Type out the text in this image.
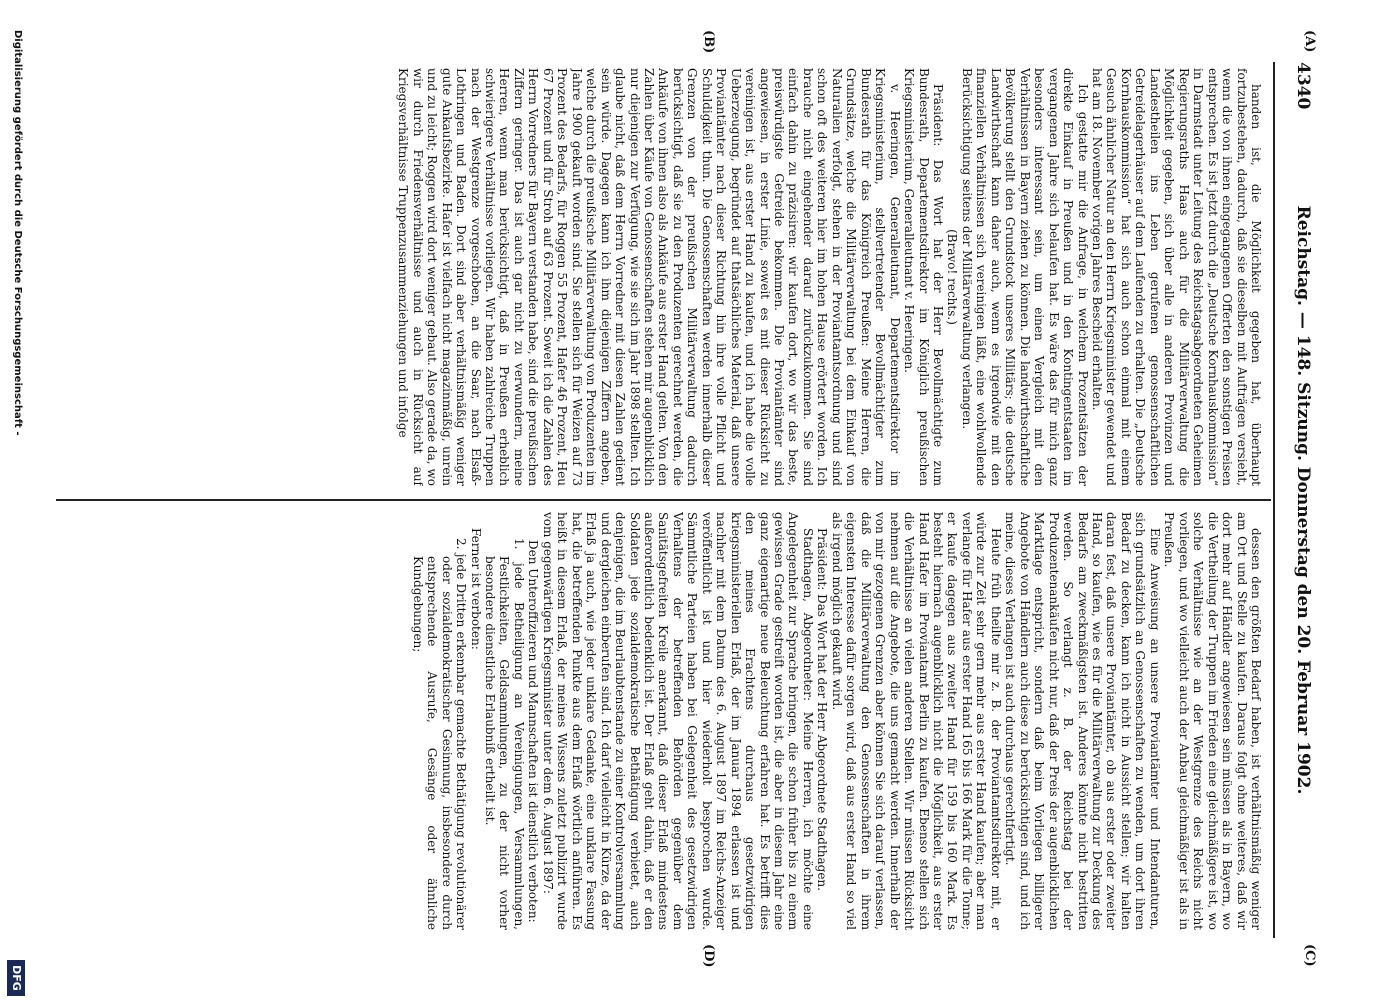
4340
Reichstag. — 148. Sitzung. Donnerstag den 20. Februar 1902.
(A)
(B)
(C)
(D)

handen ist, die Möglichkeit gegeben hat, überhaupt fortzubestehen, dadurch, daß sie dieselben mit Aufträgen versieht, wenn die von ihnen eingegangenen Offerten den sonstigen Preisen entsprechen. Es ist jetzt durch die „Deutsche Kornhauskommission“ in Darmstadt unter Leitung des Reichstagsabgeordneten Geheimen Regierungsraths Haas auch für die Militärverwaltung die Möglichkeit gegeben, sich über alle in anderen Provinzen und Landestheilen ins Leben gerufenen genossenschaftlichen Getreidelagerhäuser auf dem Laufenden zu erhalten. Die „Deutsche Kornhauskommission“ hat sich auch schon einmal mit einem Gesuch ähnlicher Natur an den Herrn Kriegsminister gewendet und hat am 18. November vorigen Jahres Bescheid erhalten.

Ich gestatte mir die Anfrage, in welchem Prozentsätzen der direkte Einkauf in Preußen und in den Kontingentstaaten im vergangenen Jahre sich belaufen hat. Es wäre das für mich ganz besonders interessant sein, um einen Vergleich mit den Verhältnissen in Bayern ziehen zu können. Die landwirthschaftliche Bevölkerung stellt den Grundstock unseres Militärs; die deutsche Landwirthschaft kann daher auch, wenn es irgendwie mit den finanziellen Verhältnissen sich vereinigen läßt, eine wohlwollende Berücksichtigung seitens der Militärverwaltung verlangen.

(Bravo! rechts.)

Präsident: Das Wort hat der Herr Bevollmächtigte zum Bundesrath, Departementsdirektor im Königlich preußischen Kriegsministerium, Generalleutnant v. Heeringen.

v. Heeringen, Generalleutnant, Departementsdirektor im Kriegsministerium, stellvertretender Bevollmächtigter zum Bundesrath für das Königreich Preußen: Meine Herren, die Grundsätze, welche die Militärverwaltung bei dem Einkauf von Naturalien verfolgt, stehen in der Proviantamtsordnung und sind schon oft des weiteren hier im hohen Hause erörtert worden. Ich brauche nicht eingehender darauf zurückzukommen. Sie sind einfach dahin zu präzisiren: wir kaufen dort, wo wir das beste, preiswürdigste Getreide bekommen. Die Proviantämter sind angewiesen, in erster Linie, soweit es mit dieser Rücksicht zu vereinigen ist, aus erster Hand zu kaufen, und ich habe die volle Ueberzeugung, begründet auf thatsächliches Material, daß unsere Proviantämter nach dieser Richtung hin ihre volle Pflicht und Schuldigkeit thun. Die Genossenschaften werden innerhalb dieser Grenzen von der preußischen Militärverwaltung dadurch berücksichtigt, daß sie zu den Produzenten gerechnet werden, die Ankäufe von ihnen also als Ankäufe aus erster Hand gelten. Von den Zahlen über Käufe von Genossenschaften stehen mir augenblicklich nur diejenigen zur Verfügung, wie sie sich im Jahr 1898 stellten. Ich glaube nicht, daß dem Herrn Vorredner mit diesen Zahlen gedient sein würde. Dagegen kann ich ihm diejenigen Ziffern angeben, welche durch die preußische Militärverwaltung von Produzenten im Jahre 1900 gekauft worden sind. Sie stellen sich für Weizen auf 73 Prozent des Bedarfs, für Roggen 55 Prozent, Hafer 46 Prozent, Heu 67 Prozent und für Stroh auf 63 Prozent. Soweit ich die Zahlen des Herrn Vorredners für Bayern verstanden habe, sind die preußischen Ziffern geringer. Das ist auch gar nicht zu verwundern, meine Herren, wenn man berücksichtigt, daß in Preußen erheblich schwierigere Verhältnisse vorliegen. Wir haben zahlreiche Truppen nach der Westgrenze vorgeschoben, an die Saar, nach Elsaß-Lothringen und Baden. Dort sind aber verhältnismäßig weniger gute Ankaufsbezirke. Hafer ist vielfach nicht magazinmäßig, unrein und zu leicht; Roggen wird dort weniger gebaut. Also gerade da, wo wir durch Friedensverhältnisse und auch in Rücksicht auf Kriegsverhältnisse Truppenzusammenziehungen und infolge

dessen den größten Bedarf haben, ist verhältnismäßig weniger am Ort und Stelle zu kaufen. Daraus folgt ohne weiteres, daß wir dort mehr auf Händler angewiesen sein müssen als in Bayern, wo die Vertheilung der Truppen im Frieden eine gleichmäßigere ist, wo solche Verhältnisse wie an der Westgrenze des Reichs nicht vorliegen, und wo vielleicht auch der Anbau gleichmäßiger ist als in Preußen.

Eine Anweisung an unsere Proviantämter und Intendanturen, sich grundsätzlich an Genossenschaften zu wenden, um dort ihren Bedarf zu decken, kann ich nicht in Aussicht stellen; wir halten daran fest, daß unsere Proviantämter, ob aus erster oder zweiter Hand, so kaufen, wie es für die Militärverwaltung zur Deckung des Bedarfs am zweckmäßigsten ist. Anderes könnte nicht bestritten werden. So verlangt z. B. der Reichstag bei der Produzentenankäufen nicht nur, daß der Preis der augenblicklichen Marktlage entspricht, sondern daß beim Vorliegen billigerer Angebote von Händlern auch diese zu berücksichtigen sind, und ich meine, dieses Verlangen ist auch durchaus gerechtfertigt.

Heute früh theilte mir z. B. der Proviantamtsdirektor mit, er würde zur Zeit sehr gern mehr aus erster Hand kaufen; aber man verlange für Hafer aus erster Hand 165 bis 166 Mark für die Tonne; er kaufe dagegen aus zweiter Hand für 159 bis 160 Mark. Es besteht hiernach augenblicklich nicht die Möglichkeit, aus erster Hand Hafer im Proviantamt Berlin zu kaufen. Ebenso stellen sich die Verhältnisse an vielen anderen Stellen. Wir müssen Rücksicht nehmen auf die Angebote, die uns gemacht werden. Innerhalb der von mir gezogenen Grenzen aber können Sie sich darauf verlassen, daß die Militärverwaltung den Genossenschaften in ihrem eigensten Interesse dafür sorgen wird, daß aus erster Hand so viel als irgend möglich gekauft wird.

Präsident: Das Wort hat der Herr Abgeordnete Stadthagen.

Stadthagen, Abgeordneter: Meine Herren, ich möchte eine Angelegenheit zur Sprache bringen, die schon früher bis zu einem gewissen Grade gestreift worden ist, die aber in diesem Jahr eine ganz eigenartige neue Beleuchtung erfahren hat. Es betrifft dies den meines Erachtens durchaus gesetzwidrigen kriegsministeriellen Erlaß, der im Januar 1894 erlassen ist und nachher mit dem Datum des 6. August 1897 im Reichs-Anzeiger veröffentlicht ist und hier wiederholt besprochen wurde. Sämmtliche Parteien haben bei Gelegenheit des gesetzwidrigen Verhaltens der betreffenden Behörden gegenüber dem Sanitätsgefreiten Kreile anerkannt, daß dieser Erlaß mindestens außerordentlich bedenklich ist. Der Erlaß geht dahin, daß er den Soldaten jede sozialdemokratische Bethätigung verbietet, auch denjenigen, die im Beurlaubtenstande zu einer Kontrolversammlung und dergleichen einberufen sind. Ich darf vielleicht in Kürze, da der Erlaß ja auch, wie jeder unklare Gedanke, eine unklare Fassung hat, die betreffenden Punkte aus dem Erlaß wörtlich anführen. Es heißt in diesem Erlaß, der meines Wissens zuletzt publizirt wurde vom gegenwärtigen Kriegsminister unter dem 6. August 1897:

Den Unteroffizieren und Mannschaften ist dienstlich verboten:

1. jede Betheiligung an Vereinigungen, Versammlungen, Festlichkeiten, Geldsammlungen, zu der nicht vorher besondere dienstliche Erlaubniß ertheilt ist.

Ferner ist verboten:

2. jede Dritten erkennbar gemachte Bethätigung revolutionärer oder sozialdemokratischer Gesinnung, insbesondere durch entsprechende Ausrufe, Gesänge oder ähnliche Kundgebungen;

Digitalisierung gefördert durch die Deutsche Forschungsgemeinschaft -
DFG
